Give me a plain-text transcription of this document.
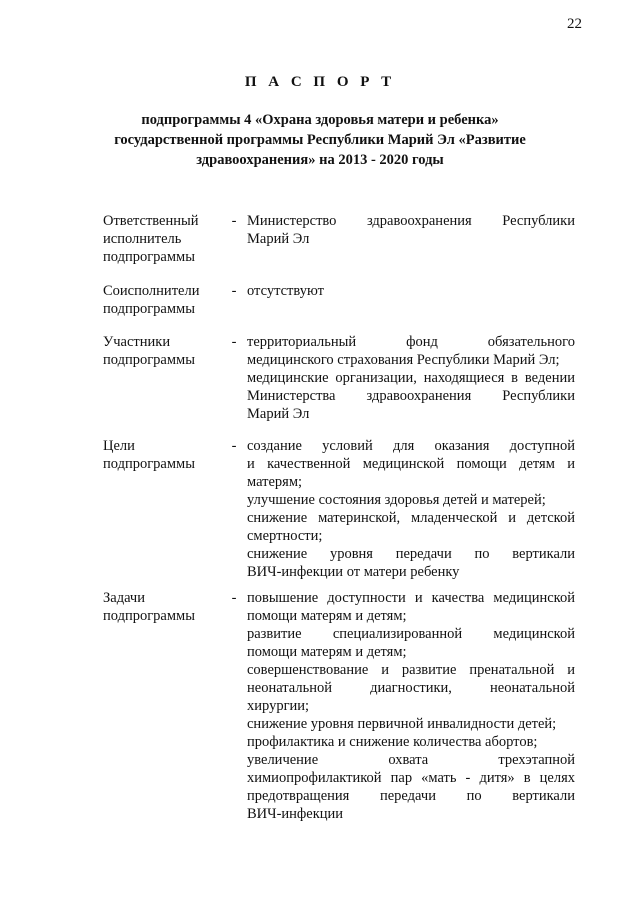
22
П А С П О Р Т
подпрограммы 4 «Охрана здоровья матери и ребенка»
государственной программы Республики Марий Эл «Развитие
здравоохранения» на 2013 - 2020 годы
Ответственный
исполнитель
подпрограммы
- Министерство здравоохранения Республики
Марий Эл
Соисполнители
подпрограммы
- отсутствуют
Участники
подпрограммы
- территориальный фонд обязательного
медицинского страхования Республики Марий Эл;
медицинские организации, находящиеся в ведении
Министерства здравоохранения Республики
Марий Эл
Цели
подпрограммы
- создание условий для оказания доступной
и качественной медицинской помощи детям и
матерям;
улучшение состояния здоровья детей и матерей;
снижение материнской, младенческой и детской
смертности;
снижение уровня передачи по вертикали
ВИЧ-инфекции от матери ребенку
Задачи
подпрограммы
- повышение доступности и качества медицинской
помощи матерям и детям;
развитие специализированной медицинской
помощи матерям и детям;
совершенствование и развитие пренатальной и
неонатальной диагностики, неонатальной
хирургии;
снижение уровня первичной инвалидности детей;
профилактика и снижение количества абортов;
увеличение охвата трехэтапной
химиопрофилактикой пар «мать - дитя» в целях
предотвращения передачи по вертикали
ВИЧ-инфекции
